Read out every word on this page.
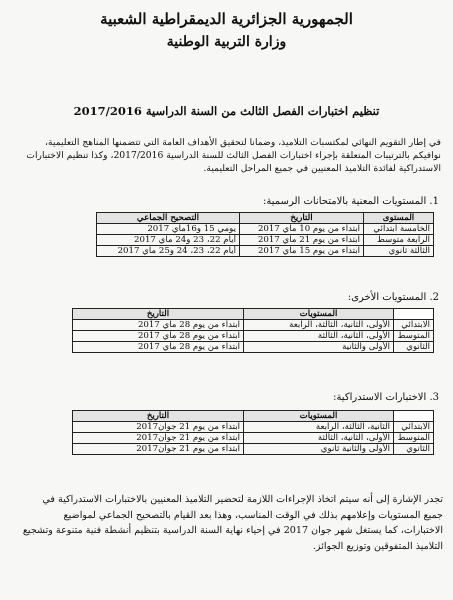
الجمهورية الجزائرية الديمقراطية الشعبية
وزارة التربية الوطنية
تنظيم اختبارات الفصل الثالث من السنة الدراسية 2017/2016
في إطار التقويم النهائي لمكتسبات التلاميذ، وضمانا لتحقيق الأهداف العامة التي تتضمنها المناهج التعليمية،
نوافيكم بالترتيبات المتعلقة بإجراء اختبارات الفصل الثالث للسنة الدراسية 2017/2016، وكذا تنظيم الاختبارات
الاستدراكية لفائدة التلاميذ المعنيين في جميع المراحل التعليمية.
1. المستويات المعنية بالامتحانات الرسمية:
المستوى	التاريخ	التصحيح الجماعي
الخامسة ابتدائي	ابتداء من يوم 10 ماي 2017	يومي 15 و16ماي 2017
الرابعة متوسط	ابتداء من يوم 21 ماي 2017	أيام 22، 23 و24 ماي 2017
الثالثة ثانوي	ابتداء من يوم 15 ماي 2017	أيام 22، 23، 24 و25 ماي 2017
2. المستويات الأخرى:
	المستويات	التاريخ
الابتدائي	الأولى، الثانية، الثالثة، الرابعة	ابتداء من يوم 28 ماي 2017
المتوسط	الأولى، الثانية، الثالثة	ابتداء من يوم 28 ماي 2017
الثانوي	الأولى والثانية	ابتداء من يوم 28 ماي 2017
3. الاختبارات الاستدراكية:
	المستويات	التاريخ
الابتدائي	الثانية، الثالثة، الرابعة	ابتداء من يوم 21 جوان2017
المتوسط	الأولى، الثانية، الثالثة	ابتداء من يوم 21 جوان2017
الثانوي	الأولى والثانية ثانوي	ابتداء من يوم 21 جوان2017
تجدر الإشارة إلى أنه سيتم اتخاذ الإجراءات اللازمة لتحضير التلاميذ المعنيين بالاختبارات الاستدراكية في
جميع المستويات وإعلامهم بذلك في الوقت المناسب، وهذا بعد القيام بالتصحيح الجماعي لمواضيع
الاختبارات، كما يستغل شهر جوان 2017 في إحياء نهاية السنة الدراسية بتنظيم أنشطة فنية متنوعة وتشجيع
التلاميذ المتفوقين وتوزيع الجوائز.
